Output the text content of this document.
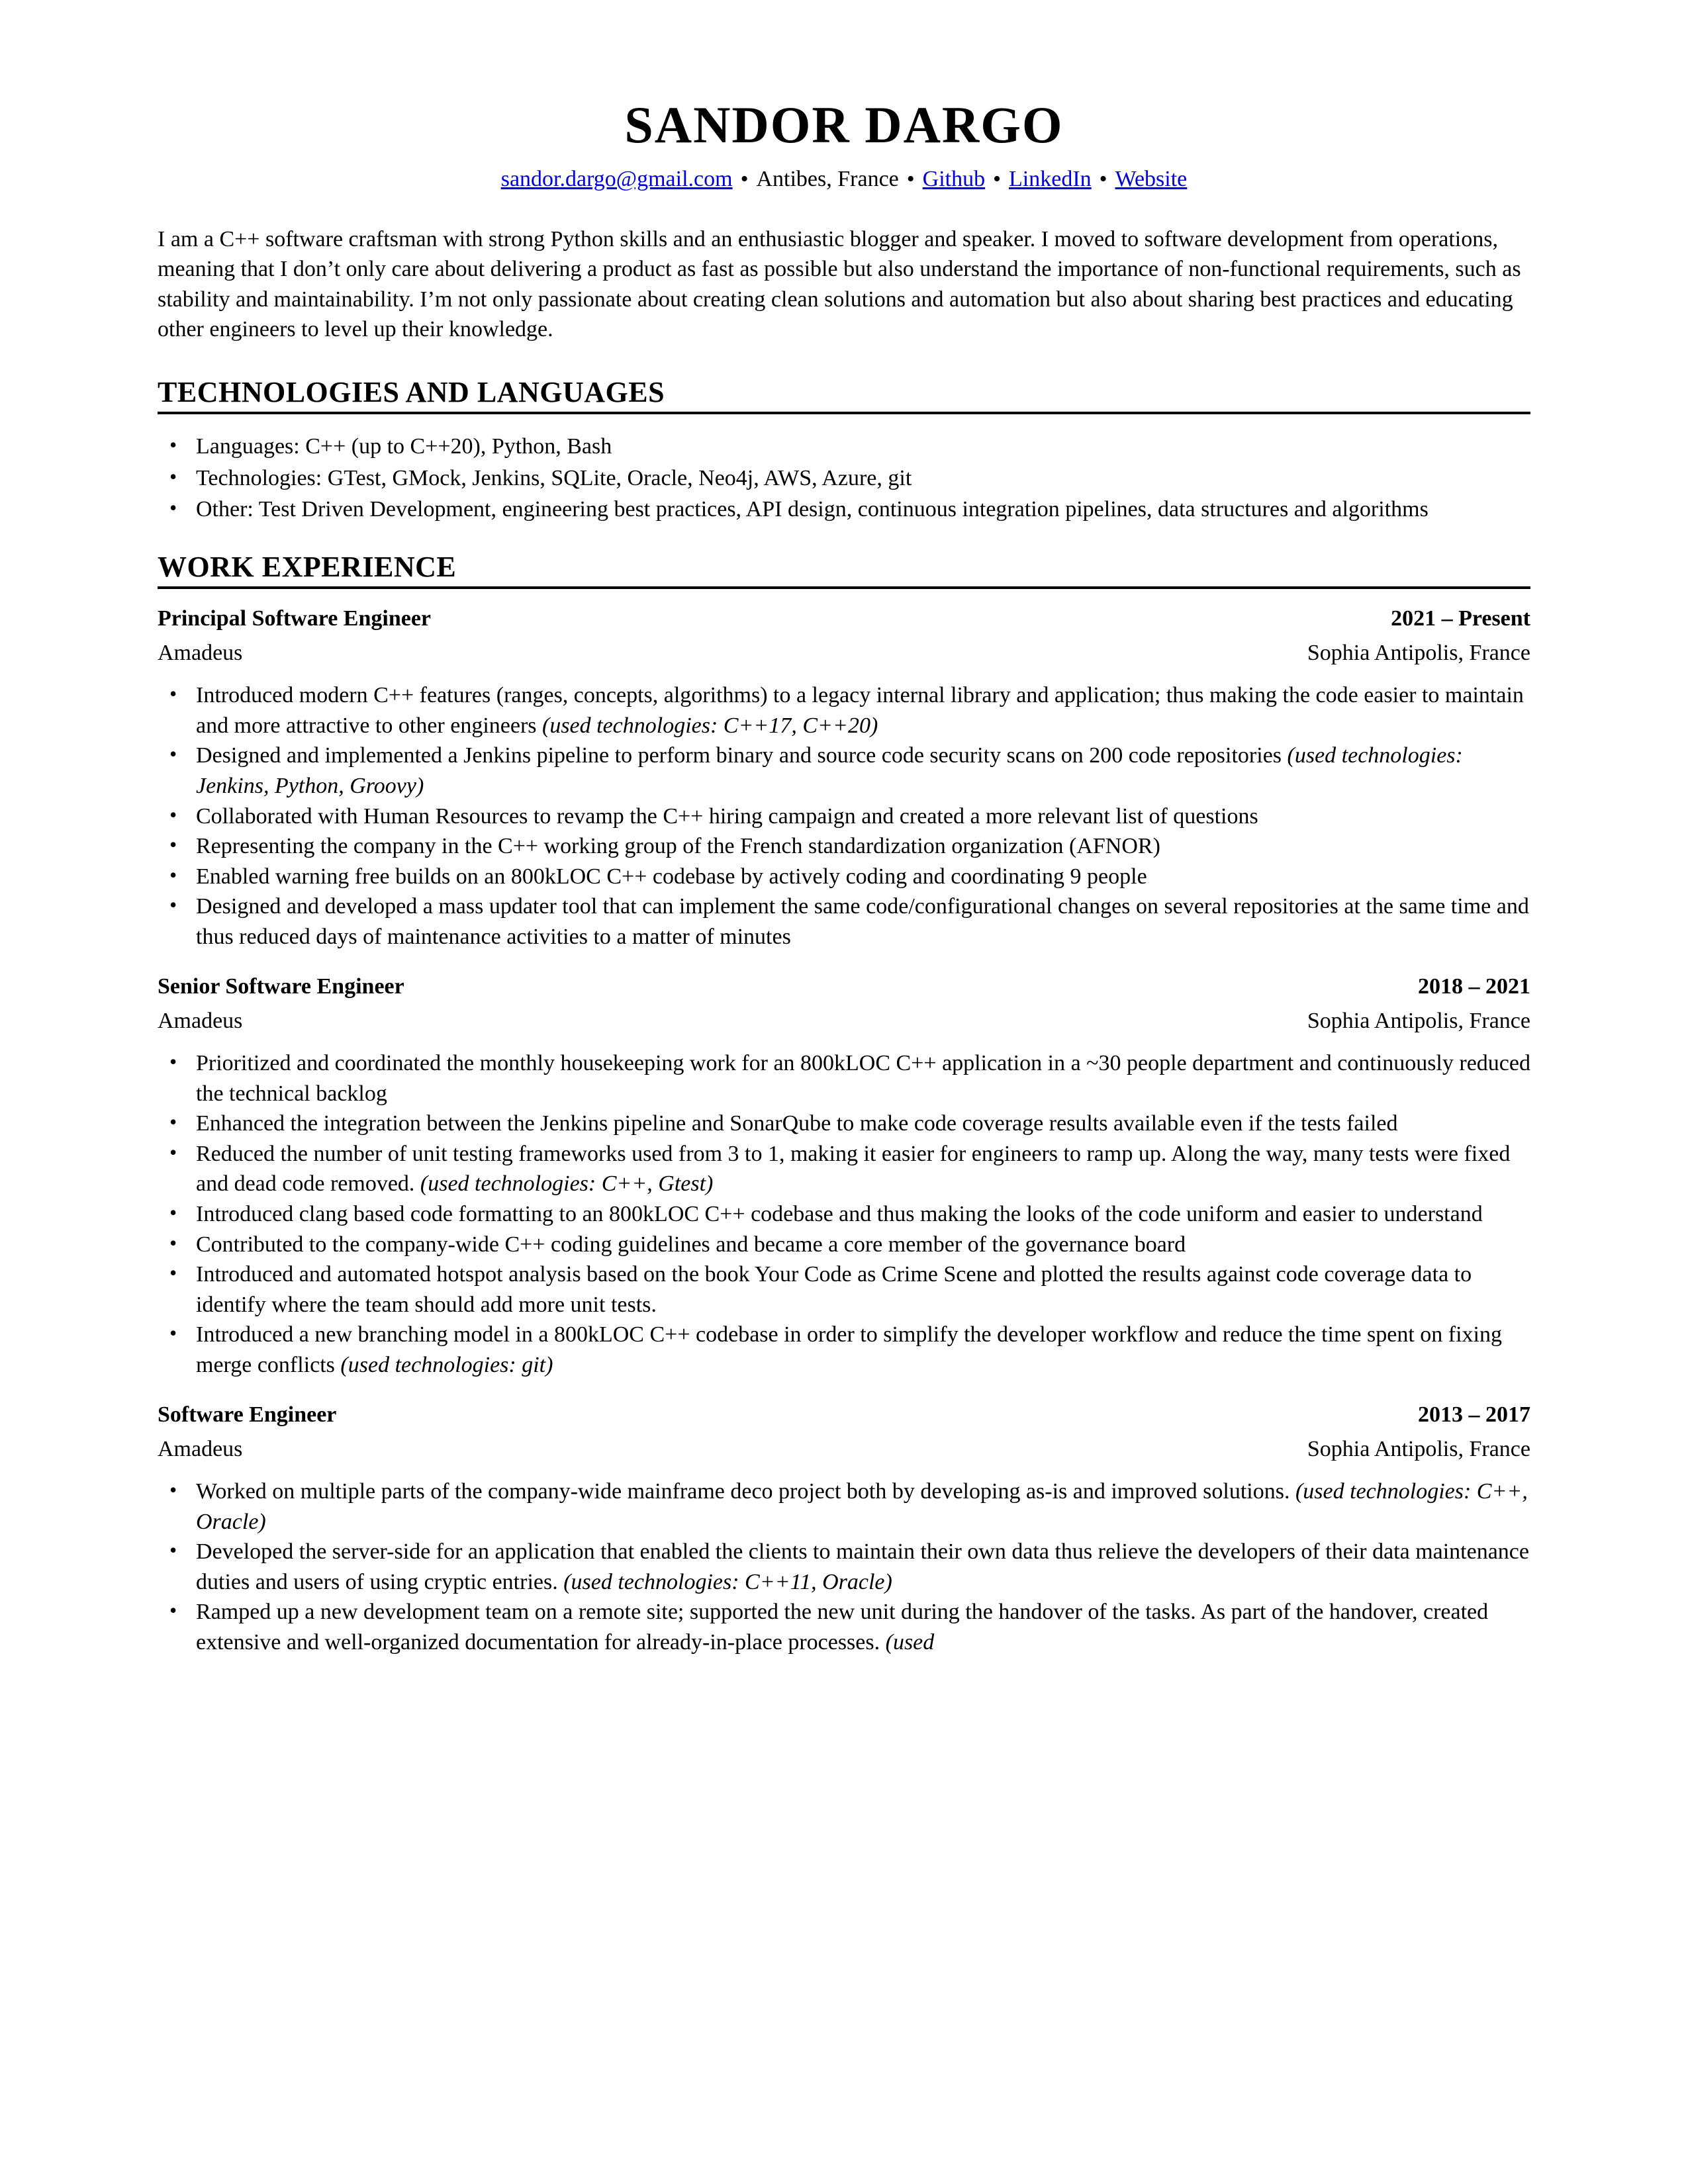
SANDOR DARGO
sandor.dargo@gmail.com • Antibes, France • Github • LinkedIn • Website
I am a C++ software craftsman with strong Python skills and an enthusiastic blogger and speaker. I moved to software development from operations, meaning that I don’t only care about delivering a product as fast as possible but also understand the importance of non-functional requirements, such as stability and maintainability. I’m not only passionate about creating clean solutions and automation but also about sharing best practices and educating other engineers to level up their knowledge.
TECHNOLOGIES AND LANGUAGES
• Languages: C++ (up to C++20), Python, Bash
• Technologies: GTest, GMock, Jenkins, SQLite, Oracle, Neo4j, AWS, Azure, git
• Other: Test Driven Development, engineering best practices, API design, continuous integration pipelines, data structures and algorithms
WORK EXPERIENCE
Principal Software Engineer	2021 – Present
Amadeus	Sophia Antipolis, France
• Introduced modern C++ features (ranges, concepts, algorithms) to a legacy internal library and application; thus making the code easier to maintain and more attractive to other engineers (used technologies: C++17, C++20)
• Designed and implemented a Jenkins pipeline to perform binary and source code security scans on 200 code repositories (used technologies: Jenkins, Python, Groovy)
• Collaborated with Human Resources to revamp the C++ hiring campaign and created a more relevant list of questions
• Representing the company in the C++ working group of the French standardization organization (AFNOR)
• Enabled warning free builds on an 800kLOC C++ codebase by actively coding and coordinating 9 people
• Designed and developed a mass updater tool that can implement the same code/configurational changes on several repositories at the same time and thus reduced days of maintenance activities to a matter of minutes
Senior Software Engineer	2018 – 2021
Amadeus	Sophia Antipolis, France
• Prioritized and coordinated the monthly housekeeping work for an 800kLOC C++ application in a ~30 people department and continuously reduced the technical backlog
• Enhanced the integration between the Jenkins pipeline and SonarQube to make code coverage results available even if the tests failed
• Reduced the number of unit testing frameworks used from 3 to 1, making it easier for engineers to ramp up. Along the way, many tests were fixed and dead code removed. (used technologies: C++, Gtest)
• Introduced clang based code formatting to an 800kLOC C++ codebase and thus making the looks of the code uniform and easier to understand
• Contributed to the company-wide C++ coding guidelines and became a core member of the governance board
• Introduced and automated hotspot analysis based on the book Your Code as Crime Scene and plotted the results against code coverage data to identify where the team should add more unit tests.
• Introduced a new branching model in a 800kLOC C++ codebase in order to simplify the developer workflow and reduce the time spent on fixing merge conflicts (used technologies: git)
Software Engineer	2013 – 2017
Amadeus	Sophia Antipolis, France
• Worked on multiple parts of the company-wide mainframe deco project both by developing as-is and improved solutions. (used technologies: C++, Oracle)
• Developed the server-side for an application that enabled the clients to maintain their own data thus relieve the developers of their data maintenance duties and users of using cryptic entries. (used technologies: C++11, Oracle)
• Ramped up a new development team on a remote site; supported the new unit during the handover of the tasks. As part of the handover, created extensive and well-organized documentation for already-in-place processes. (used
